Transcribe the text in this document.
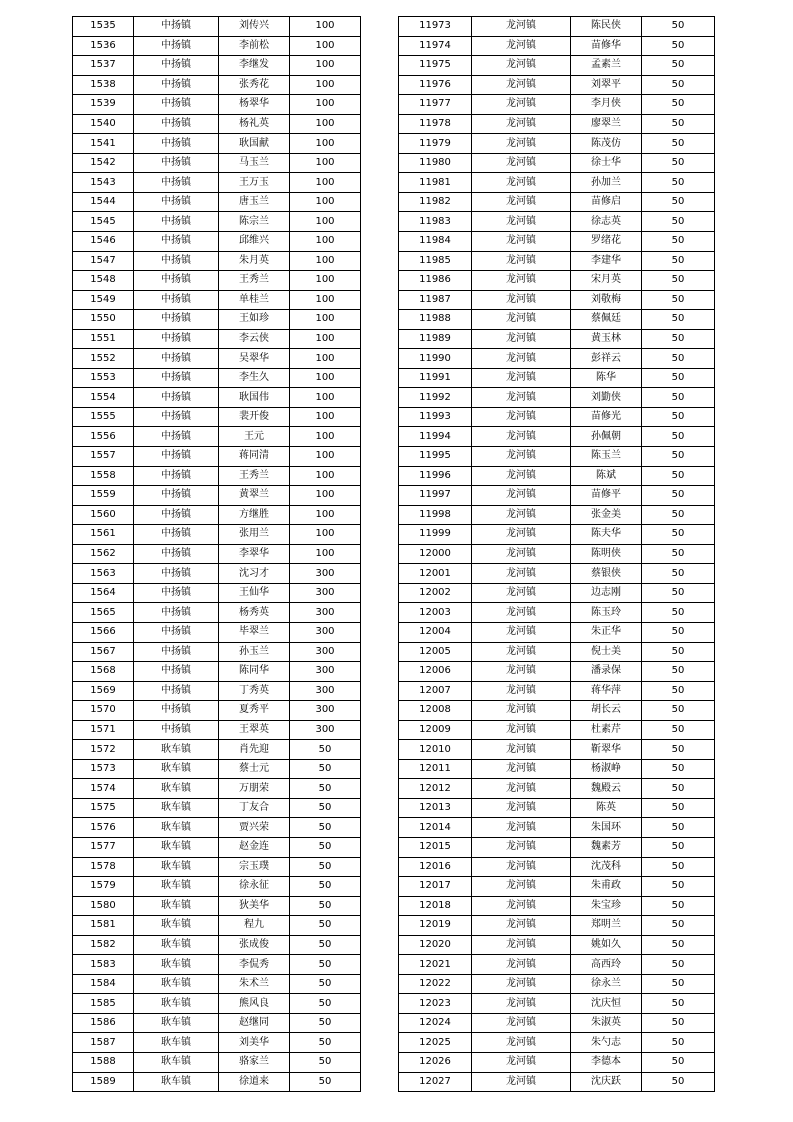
1535	中扬镇	刘传兴	100
1536	中扬镇	李前松	100
1537	中扬镇	李继发	100
1538	中扬镇	张秀花	100
1539	中扬镇	杨翠华	100
1540	中扬镇	杨礼英	100
1541	中扬镇	耿国献	100
1542	中扬镇	马玉兰	100
1543	中扬镇	王万玉	100
1544	中扬镇	唐玉兰	100
1545	中扬镇	陈宗兰	100
1546	中扬镇	邱维兴	100
1547	中扬镇	朱月英	100
1548	中扬镇	王秀兰	100
1549	中扬镇	单桂兰	100
1550	中扬镇	王如珍	100
1551	中扬镇	李云侠	100
1552	中扬镇	吴翠华	100
1553	中扬镇	李生久	100
1554	中扬镇	耿国伟	100
1555	中扬镇	裴开俊	100
1556	中扬镇	王元	100
1557	中扬镇	蒋同清	100
1558	中扬镇	王秀兰	100
1559	中扬镇	黄翠兰	100
1560	中扬镇	方继胜	100
1561	中扬镇	张用兰	100
1562	中扬镇	李翠华	100
1563	中扬镇	沈习才	300
1564	中扬镇	王仙华	300
1565	中扬镇	杨秀英	300
1566	中扬镇	毕翠兰	300
1567	中扬镇	孙玉兰	300
1568	中扬镇	陈同华	300
1569	中扬镇	丁秀英	300
1570	中扬镇	夏秀平	300
1571	中扬镇	王翠英	300
1572	耿车镇	肖先迎	50
1573	耿车镇	蔡士元	50
1574	耿车镇	万朋荣	50
1575	耿车镇	丁友合	50
1576	耿车镇	贾兴荣	50
1577	耿车镇	赵金连	50
1578	耿车镇	宗玉璞	50
1579	耿车镇	徐永征	50
1580	耿车镇	狄美华	50
1581	耿车镇	程九	50
1582	耿车镇	张成俊	50
1583	耿车镇	李侃秀	50
1584	耿车镇	朱术兰	50
1585	耿车镇	熊风良	50
1586	耿车镇	赵继同	50
1587	耿车镇	刘美华	50
1588	耿车镇	骆家兰	50
1589	耿车镇	徐道来	50
11973	龙河镇	陈民侠	50
11974	龙河镇	苗修华	50
11975	龙河镇	孟素兰	50
11976	龙河镇	刘翠平	50
11977	龙河镇	李月侠	50
11978	龙河镇	廖翠兰	50
11979	龙河镇	陈茂仿	50
11980	龙河镇	徐士华	50
11981	龙河镇	孙加兰	50
11982	龙河镇	苗修启	50
11983	龙河镇	徐志英	50
11984	龙河镇	罗绪花	50
11985	龙河镇	李建华	50
11986	龙河镇	宋月英	50
11987	龙河镇	刘敬梅	50
11988	龙河镇	蔡佩廷	50
11989	龙河镇	黄玉林	50
11990	龙河镇	彭祥云	50
11991	龙河镇	陈华	50
11992	龙河镇	刘勤侠	50
11993	龙河镇	苗修光	50
11994	龙河镇	孙佩朝	50
11995	龙河镇	陈玉兰	50
11996	龙河镇	陈斌	50
11997	龙河镇	苗修平	50
11998	龙河镇	张金美	50
11999	龙河镇	陈夫华	50
12000	龙河镇	陈明侠	50
12001	龙河镇	蔡银侠	50
12002	龙河镇	边志刚	50
12003	龙河镇	陈玉玲	50
12004	龙河镇	朱正华	50
12005	龙河镇	倪士美	50
12006	龙河镇	潘录保	50
12007	龙河镇	蒋华萍	50
12008	龙河镇	胡长云	50
12009	龙河镇	杜素芹	50
12010	龙河镇	靳翠华	50
12011	龙河镇	杨淑峥	50
12012	龙河镇	魏殿云	50
12013	龙河镇	陈英	50
12014	龙河镇	朱国环	50
12015	龙河镇	魏素芳	50
12016	龙河镇	沈茂科	50
12017	龙河镇	朱甫政	50
12018	龙河镇	朱宝珍	50
12019	龙河镇	郑明兰	50
12020	龙河镇	姚如久	50
12021	龙河镇	高西玲	50
12022	龙河镇	徐永兰	50
12023	龙河镇	沈庆恒	50
12024	龙河镇	朱淑英	50
12025	龙河镇	朱勺志	50
12026	龙河镇	李德本	50
12027	龙河镇	沈庆跃	50
